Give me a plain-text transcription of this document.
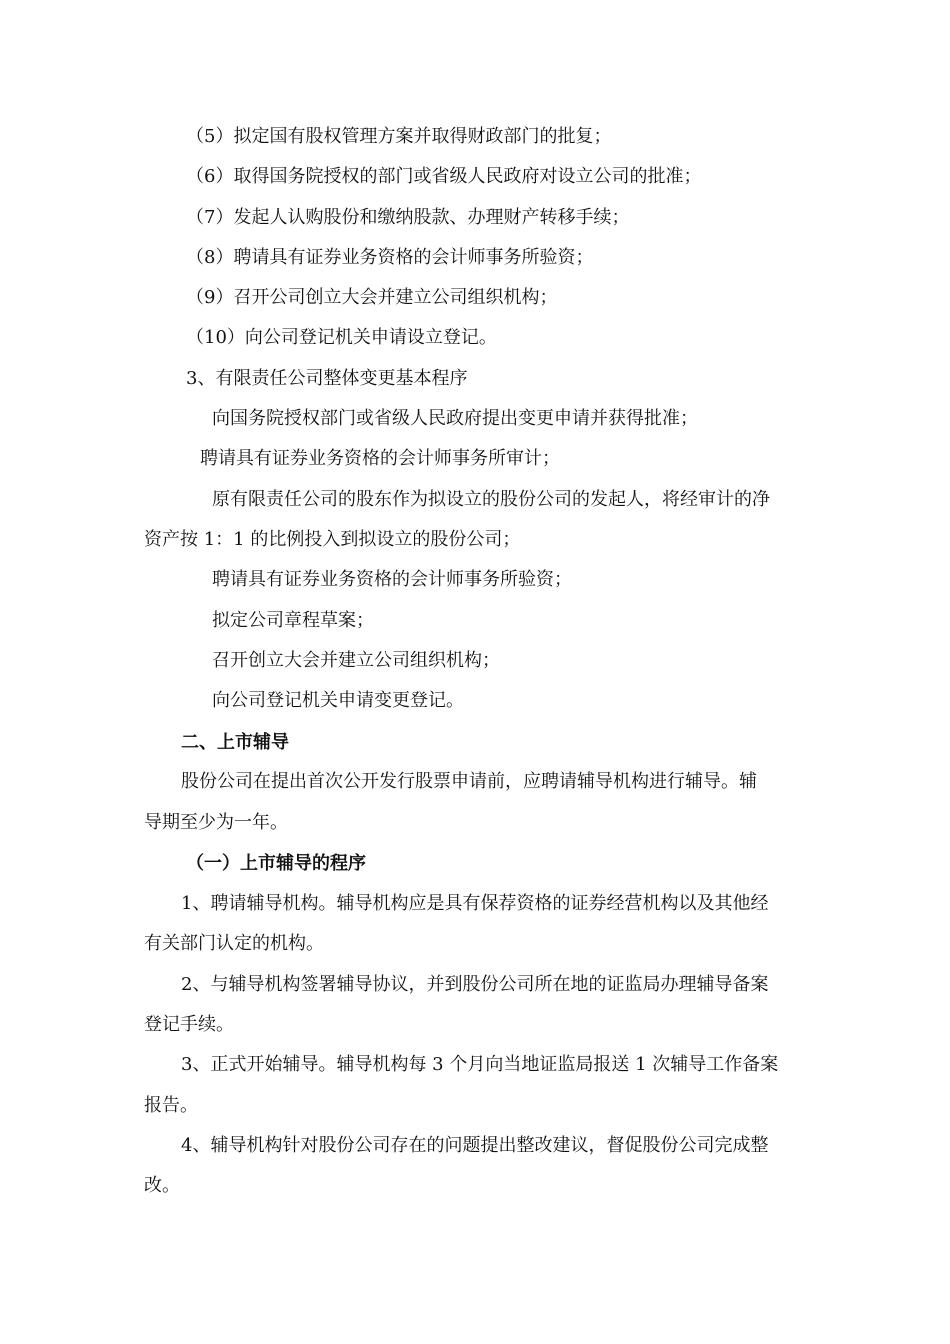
（5）拟定国有股权管理方案并取得财政部门的批复；
（6）取得国务院授权的部门或省级人民政府对设立公司的批准；
（7）发起人认购股份和缴纳股款、办理财产转移手续；
（8）聘请具有证券业务资格的会计师事务所验资；
（9）召开公司创立大会并建立公司组织机构；
（10）向公司登记机关申请设立登记。
3、有限责任公司整体变更基本程序
向国务院授权部门或省级人民政府提出变更申请并获得批准；
聘请具有证券业务资格的会计师事务所审计；
原有限责任公司的股东作为拟设立的股份公司的发起人，将经审计的净
资产按 1：1 的比例投入到拟设立的股份公司；
聘请具有证券业务资格的会计师事务所验资；
拟定公司章程草案；
召开创立大会并建立公司组织机构；
向公司登记机关申请变更登记。
二、上市辅导
股份公司在提出首次公开发行股票申请前，应聘请辅导机构进行辅导。辅
导期至少为一年。
（一）上市辅导的程序
1、聘请辅导机构。辅导机构应是具有保荐资格的证券经营机构以及其他经
有关部门认定的机构。
2、与辅导机构签署辅导协议，并到股份公司所在地的证监局办理辅导备案
登记手续。
3、正式开始辅导。辅导机构每 3 个月向当地证监局报送 1 次辅导工作备案
报告。
4、辅导机构针对股份公司存在的问题提出整改建议，督促股份公司完成整
改。
